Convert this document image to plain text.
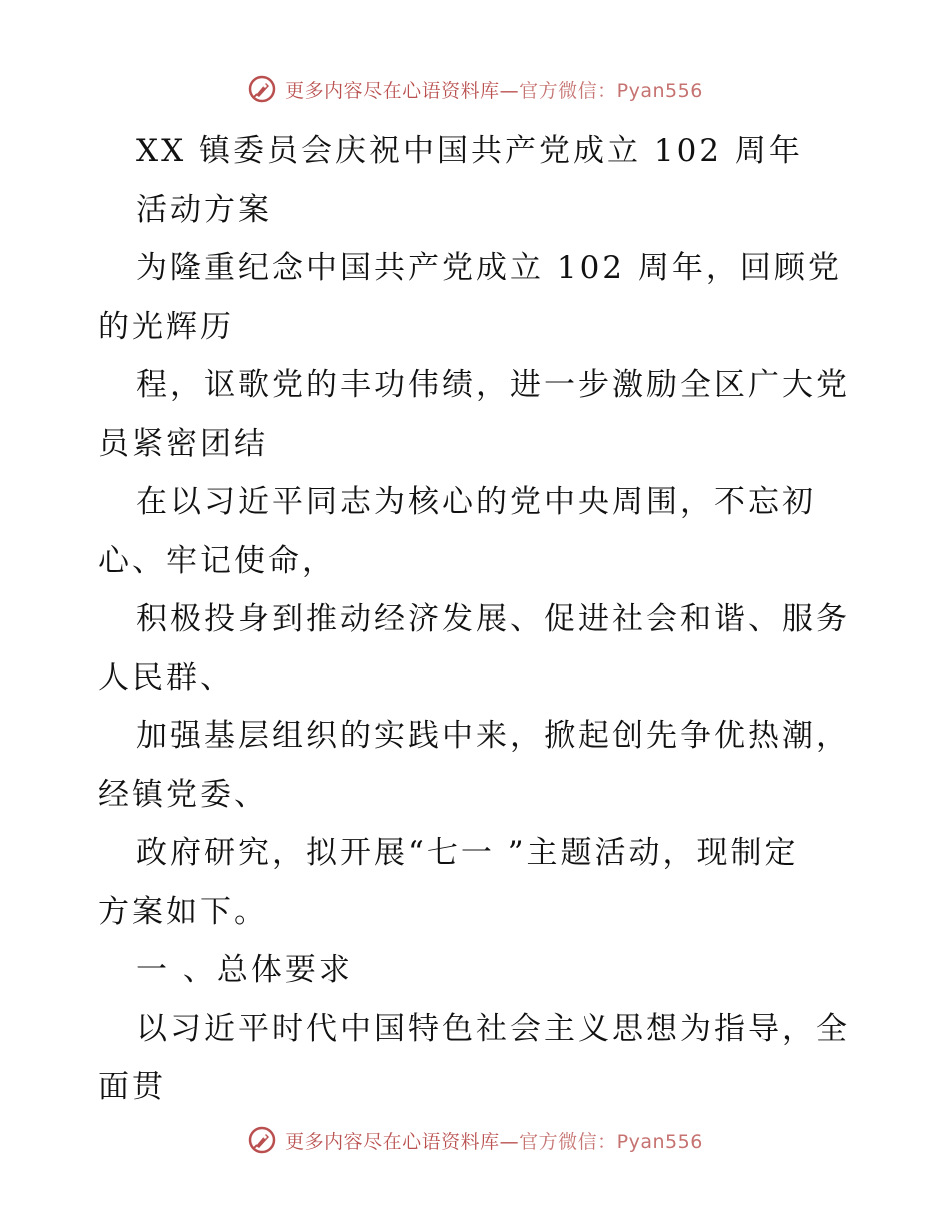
更多内容尽在心语资料库—官方微信：Pyan556
XX 镇委员会庆祝中国共产党成立 102 周年
活动方案
为隆重纪念中国共产党成立 102 周年，回顾党
的光辉历
程，讴歌党的丰功伟绩，进一步激励全区广大党
员紧密团结
在以习近平同志为核心的党中央周围，不忘初
心、牢记使命，
积极投身到推动经济发展、促进社会和谐、服务
人民群、
加强基层组织的实践中来，掀起创先争优热潮，
经镇党委、
政府研究，拟开展“七一 ”主题活动，现制定
方案如下。
一 、总体要求
以习近平时代中国特色社会主义思想为指导，全
面贯
更多内容尽在心语资料库—官方微信：Pyan556
